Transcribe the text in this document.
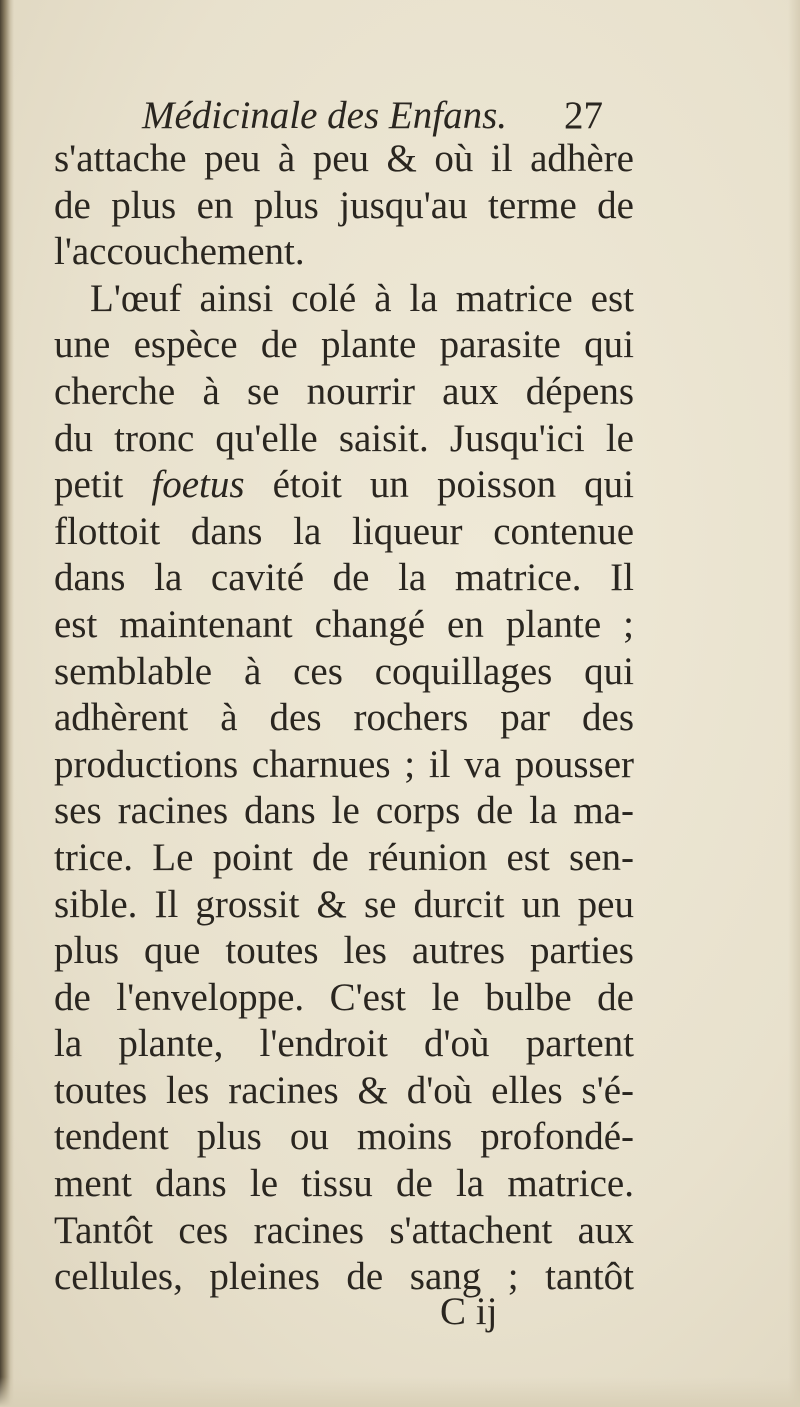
Médicinale des Enfans. 27
s'attache peu à peu & où il adhère
de plus en plus jusqu'au terme de
l'accouchement.
L'œuf ainsi colé à la matrice est
une espèce de plante parasite qui
cherche à se nourrir aux dépens
du tronc qu'elle saisit. Jusqu'ici le
petit foetus étoit un poisson qui
flottoit dans la liqueur contenue
dans la cavité de la matrice. Il
est maintenant changé en plante ;
semblable à ces coquillages qui
adhèrent à des rochers par des
productions charnues ; il va pousser
ses racines dans le corps de la ma-
trice. Le point de réunion est sen-
sible. Il grossit & se durcit un peu
plus que toutes les autres parties
de l'enveloppe. C'est le bulbe de
la plante, l'endroit d'où partent
toutes les racines & d'où elles s'é-
tendent plus ou moins profondé-
ment dans le tissu de la matrice.
Tantôt ces racines s'attachent aux
cellules, pleines de sang ; tantôt
C ij
